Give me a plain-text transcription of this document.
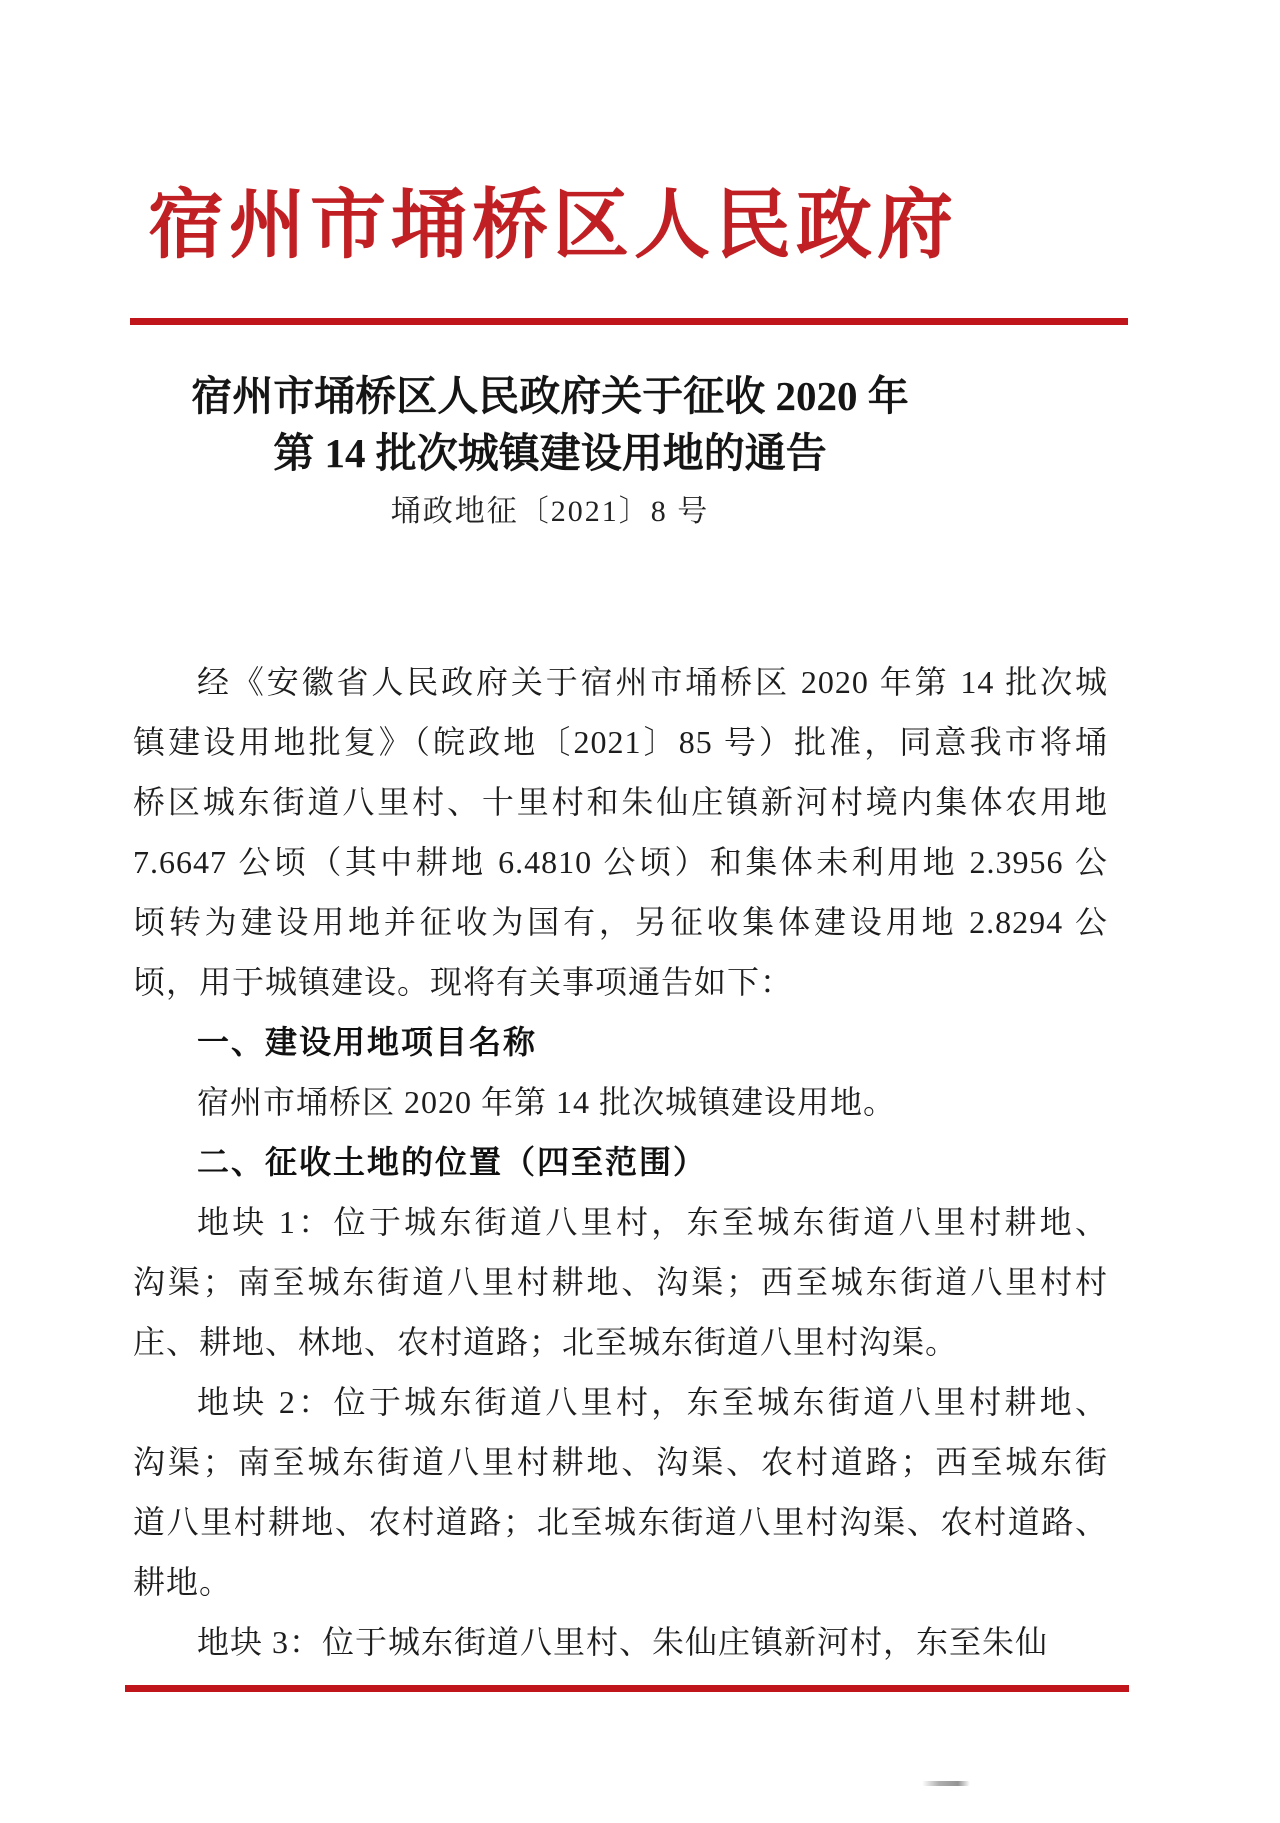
宿州市埇桥区人民政府
宿州市埇桥区人民政府关于征收 2020 年
第 14 批次城镇建设用地的通告
埇政地征〔2021〕8 号
经《安徽省人民政府关于宿州市埇桥区 2020 年第 14 批次城
镇建设用地批复》（皖政地〔2021〕85 号）批准，同意我市将埇
桥区城东街道八里村、十里村和朱仙庄镇新河村境内集体农用地
7.6647 公顷（其中耕地 6.4810 公顷）和集体未利用地 2.3956 公
顷转为建设用地并征收为国有，另征收集体建设用地 2.8294 公
顷，用于城镇建设。现将有关事项通告如下：
一、建设用地项目名称
宿州市埇桥区 2020 年第 14 批次城镇建设用地。
二、征收土地的位置（四至范围）
地块 1：位于城东街道八里村，东至城东街道八里村耕地、
沟渠；南至城东街道八里村耕地、沟渠；西至城东街道八里村村
庄、耕地、林地、农村道路；北至城东街道八里村沟渠。
地块 2：位于城东街道八里村，东至城东街道八里村耕地、
沟渠；南至城东街道八里村耕地、沟渠、农村道路；西至城东街
道八里村耕地、农村道路；北至城东街道八里村沟渠、农村道路、
耕地。
地块 3：位于城东街道八里村、朱仙庄镇新河村，东至朱仙
